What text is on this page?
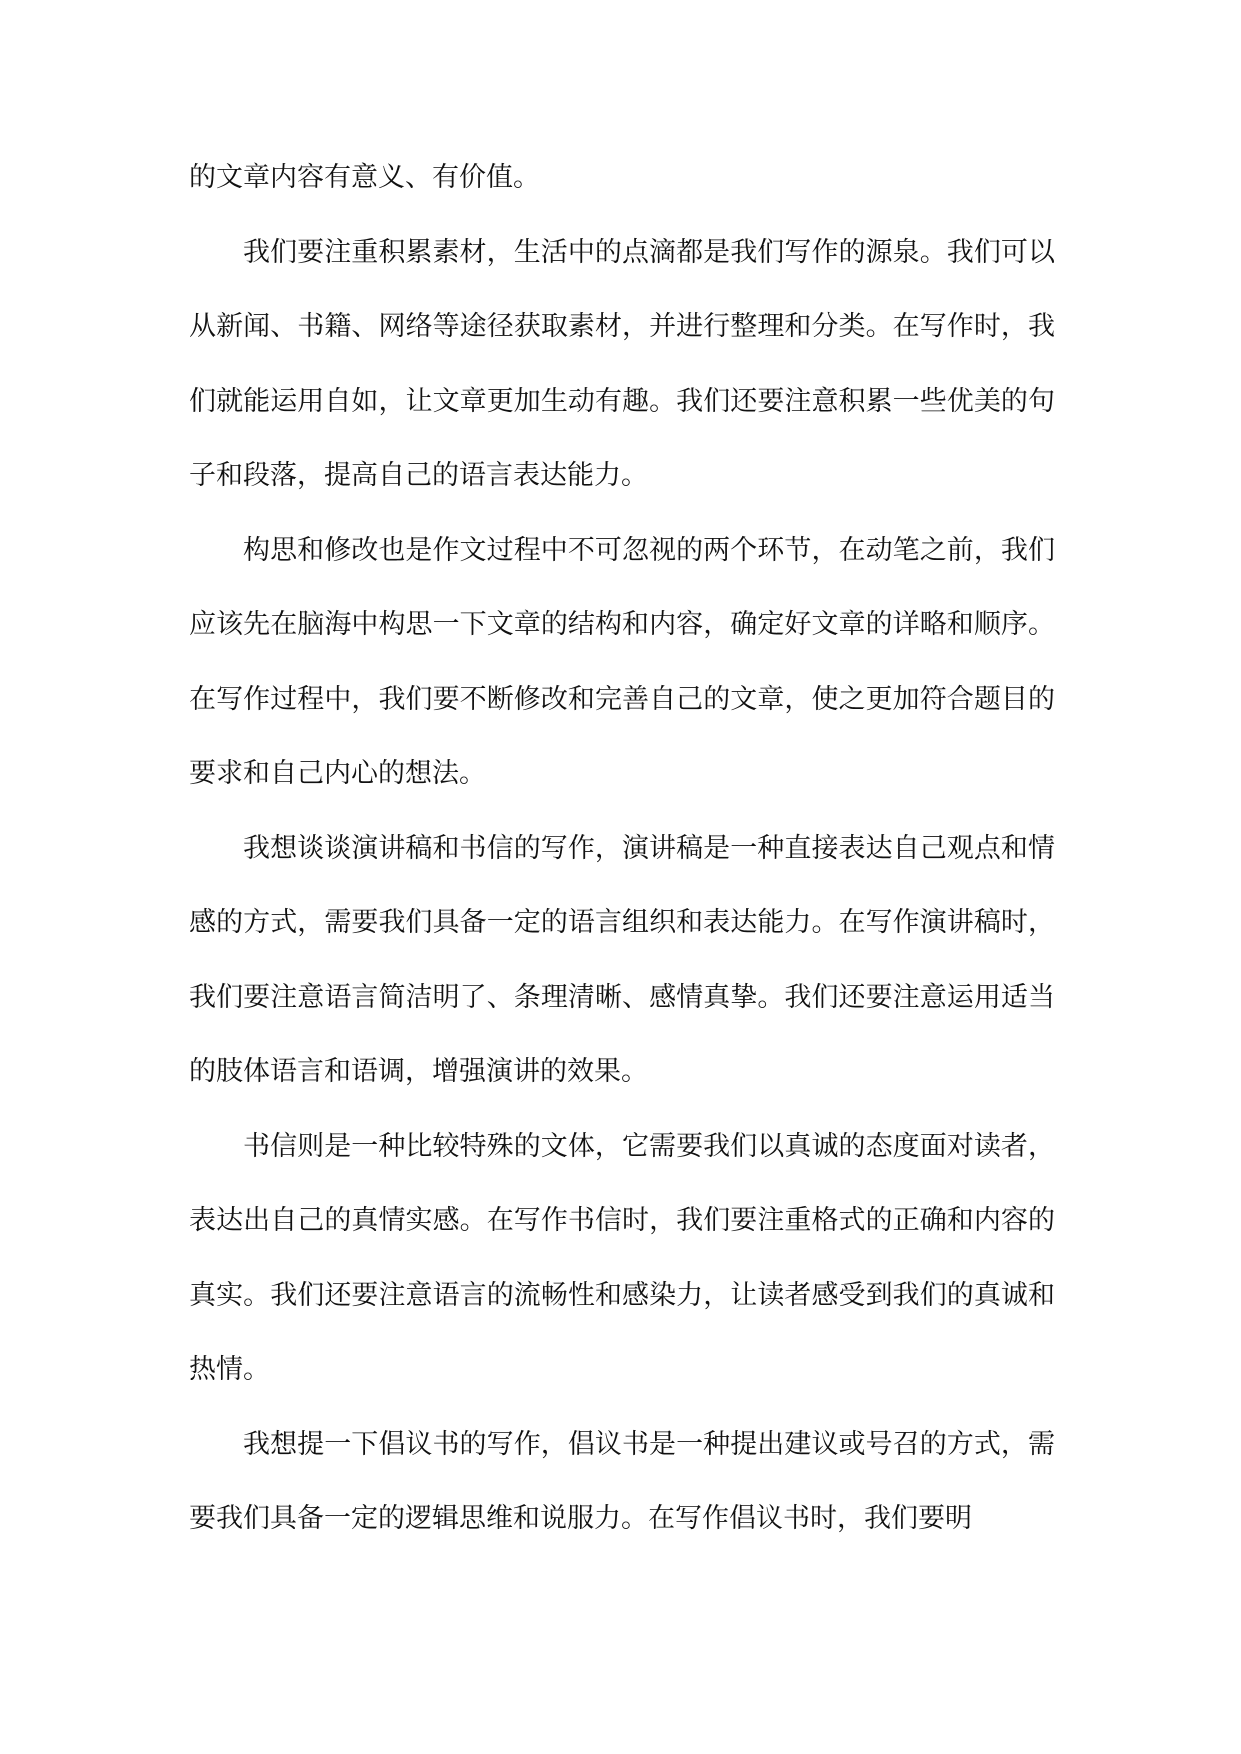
的文章内容有意义、有价值。

我们要注重积累素材，生活中的点滴都是我们写作的源泉。我们可以从新闻、书籍、网络等途径获取素材，并进行整理和分类。在写作时，我们就能运用自如，让文章更加生动有趣。我们还要注意积累一些优美的句子和段落，提高自己的语言表达能力。

构思和修改也是作文过程中不可忽视的两个环节，在动笔之前，我们应该先在脑海中构思一下文章的结构和内容，确定好文章的详略和顺序。在写作过程中，我们要不断修改和完善自己的文章，使之更加符合题目的要求和自己内心的想法。

我想谈谈演讲稿和书信的写作，演讲稿是一种直接表达自己观点和情感的方式，需要我们具备一定的语言组织和表达能力。在写作演讲稿时，我们要注意语言简洁明了、条理清晰、感情真挚。我们还要注意运用适当的肢体语言和语调，增强演讲的效果。

书信则是一种比较特殊的文体，它需要我们以真诚的态度面对读者，表达出自己的真情实感。在写作书信时，我们要注重格式的正确和内容的真实。我们还要注意语言的流畅性和感染力，让读者感受到我们的真诚和热情。

我想提一下倡议书的写作，倡议书是一种提出建议或号召的方式，需要我们具备一定的逻辑思维和说服力。在写作倡议书时，我们要明
